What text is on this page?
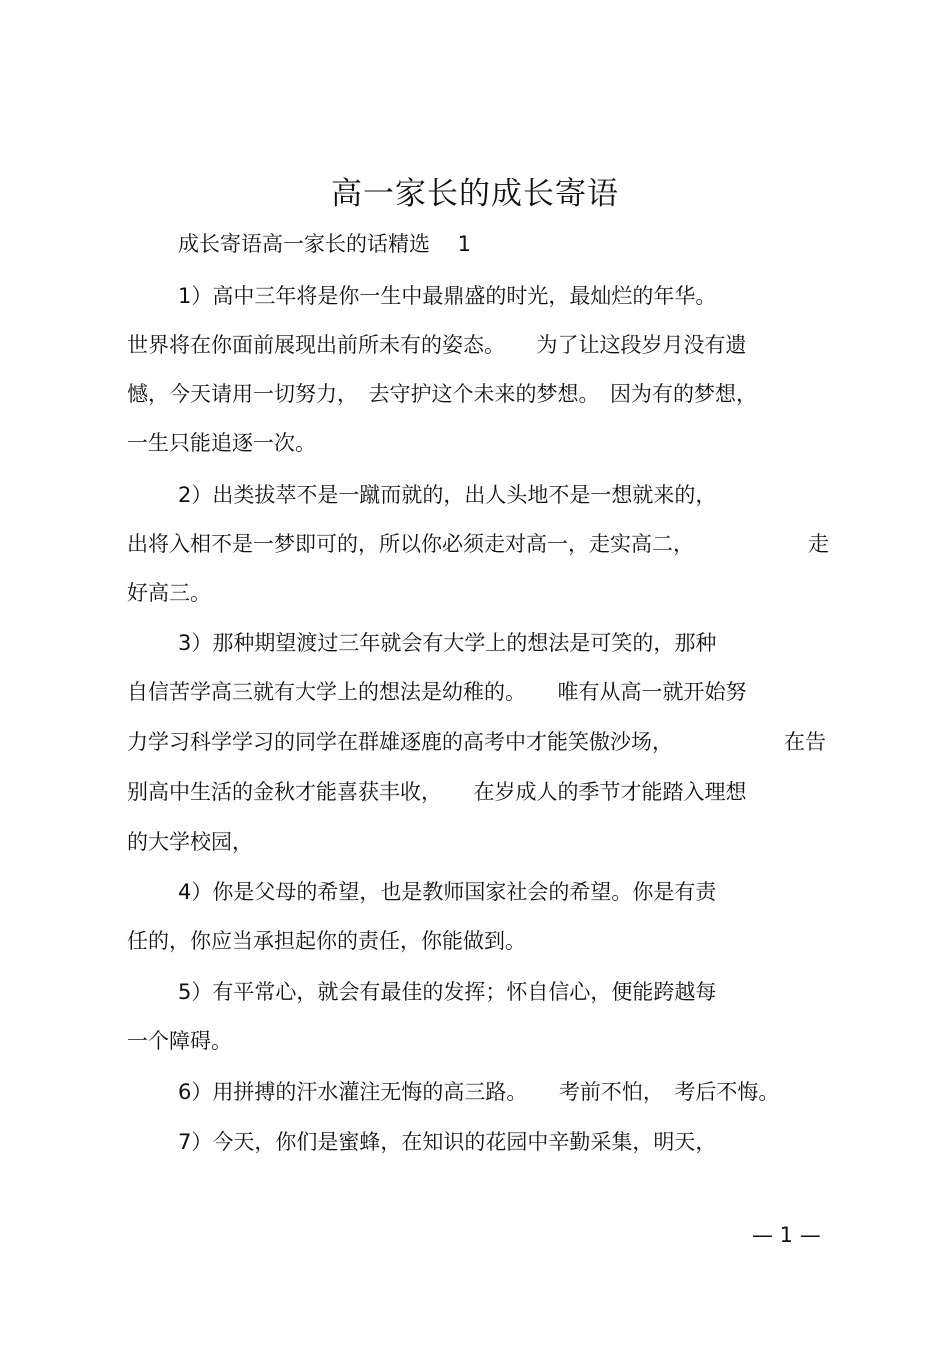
高一家长的成长寄语
成长寄语高一家长的话精选　 1
1）高中三年将是你一生中最鼎盛的时光，最灿烂的年华。
世界将在你面前展现出前所未有的姿态。　　为了让这段岁月没有遗
憾，今天请用一切努力，　去守护这个未来的梦想。　因为有的梦想，
一生只能追逐一次。
2）出类拔萃不是一蹴而就的，出人头地不是一想就来的，
出将入相不是一梦即可的，所以你必须走对高一，走实高二，	走
好高三。
3）那种期望渡过三年就会有大学上的想法是可笑的，那种
自信苦学高三就有大学上的想法是幼稚的。　　唯有从高一就开始努
力学习科学学习的同学在群雄逐鹿的高考中才能笑傲沙场，	在告
别高中生活的金秋才能喜获丰收，　　在岁成人的季节才能踏入理想
的大学校园，
4）你是父母的希望，也是教师国家社会的希望。你是有责
任的，你应当承担起你的责任，你能做到。
5）有平常心，就会有最佳的发挥；怀自信心，便能跨越每
一个障碍。
6）用拼搏的汗水灌注无悔的高三路。　　考前不怕，　考后不悔。
7）今天，你们是蜜蜂，在知识的花园中辛勤采集，明天，
— 1 —
